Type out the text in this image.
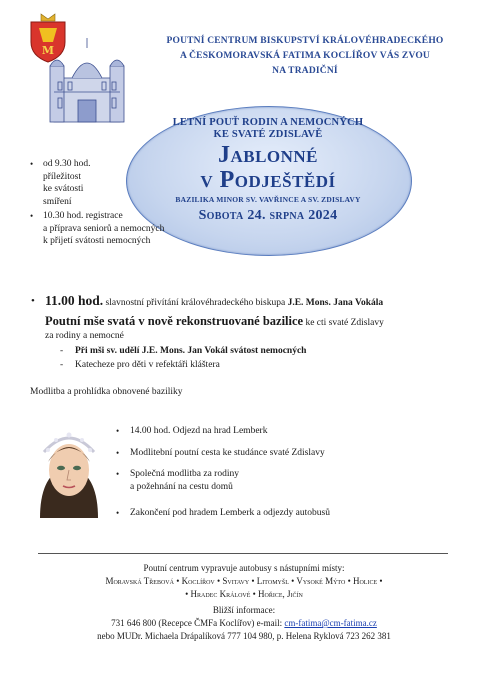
M
POUTNÍ CENTRUM BISKUPSTVÍ KRÁLOVÉHRADECKÉHO
A ČESKOMORAVSKÁ FATIMA KOCLÍŘOV VÁS ZVOU
NA TRADIČNÍ
LETNÍ POUŤ RODIN A NEMOCNÝCH
KE SVATÉ ZDISLAVĚ
Jablonné
v Podještědí
BAZILIKA MINOR SV. VAVŘINCE A SV. ZDISLAVY
Sobota 24. srpna 2024
• od 9.30 hod.
příležitost
ke svátosti
smíření
• 10.30 hod. registrace
a příprava seniorů a nemocných
k přijetí svátosti nemocných
• 11.00 hod. slavnostní přivítání královéhradeckého biskupa J.E. Mons. Jana Vokála
Poutní mše svatá v nově rekonstruované bazilice ke cti svaté Zdislavy
za rodiny a nemocné
- Při mši sv. udělí J.E. Mons. Jan Vokál svátost nemocných
- Katecheze pro děti v refektáři kláštera
Modlitba a prohlídka obnovené baziliky
• 14.00 hod. Odjezd na hrad Lemberk
• Modlitební poutní cesta ke studánce svaté Zdislavy
• Společná modlitba za rodiny
a požehnání na cestu domů
• Zakončení pod hradem Lemberk a odjezdy autobusů
Poutní centrum vypravuje autobusy s nástupními místy:
Moravská Třebová • Koclířov • Svitavy • Litomyšl • Vysoké Mýto • Holice •
• Hradec Králové • Hořice, Jičín
Bližší informace:
731 646 800 (Recepce ČMFa Koclířov) e-mail: cm-fatima@cm-fatima.cz
nebo MUDr. Michaela Drápalíková 777 104 980, p. Helena Ryklová 723 262 381
